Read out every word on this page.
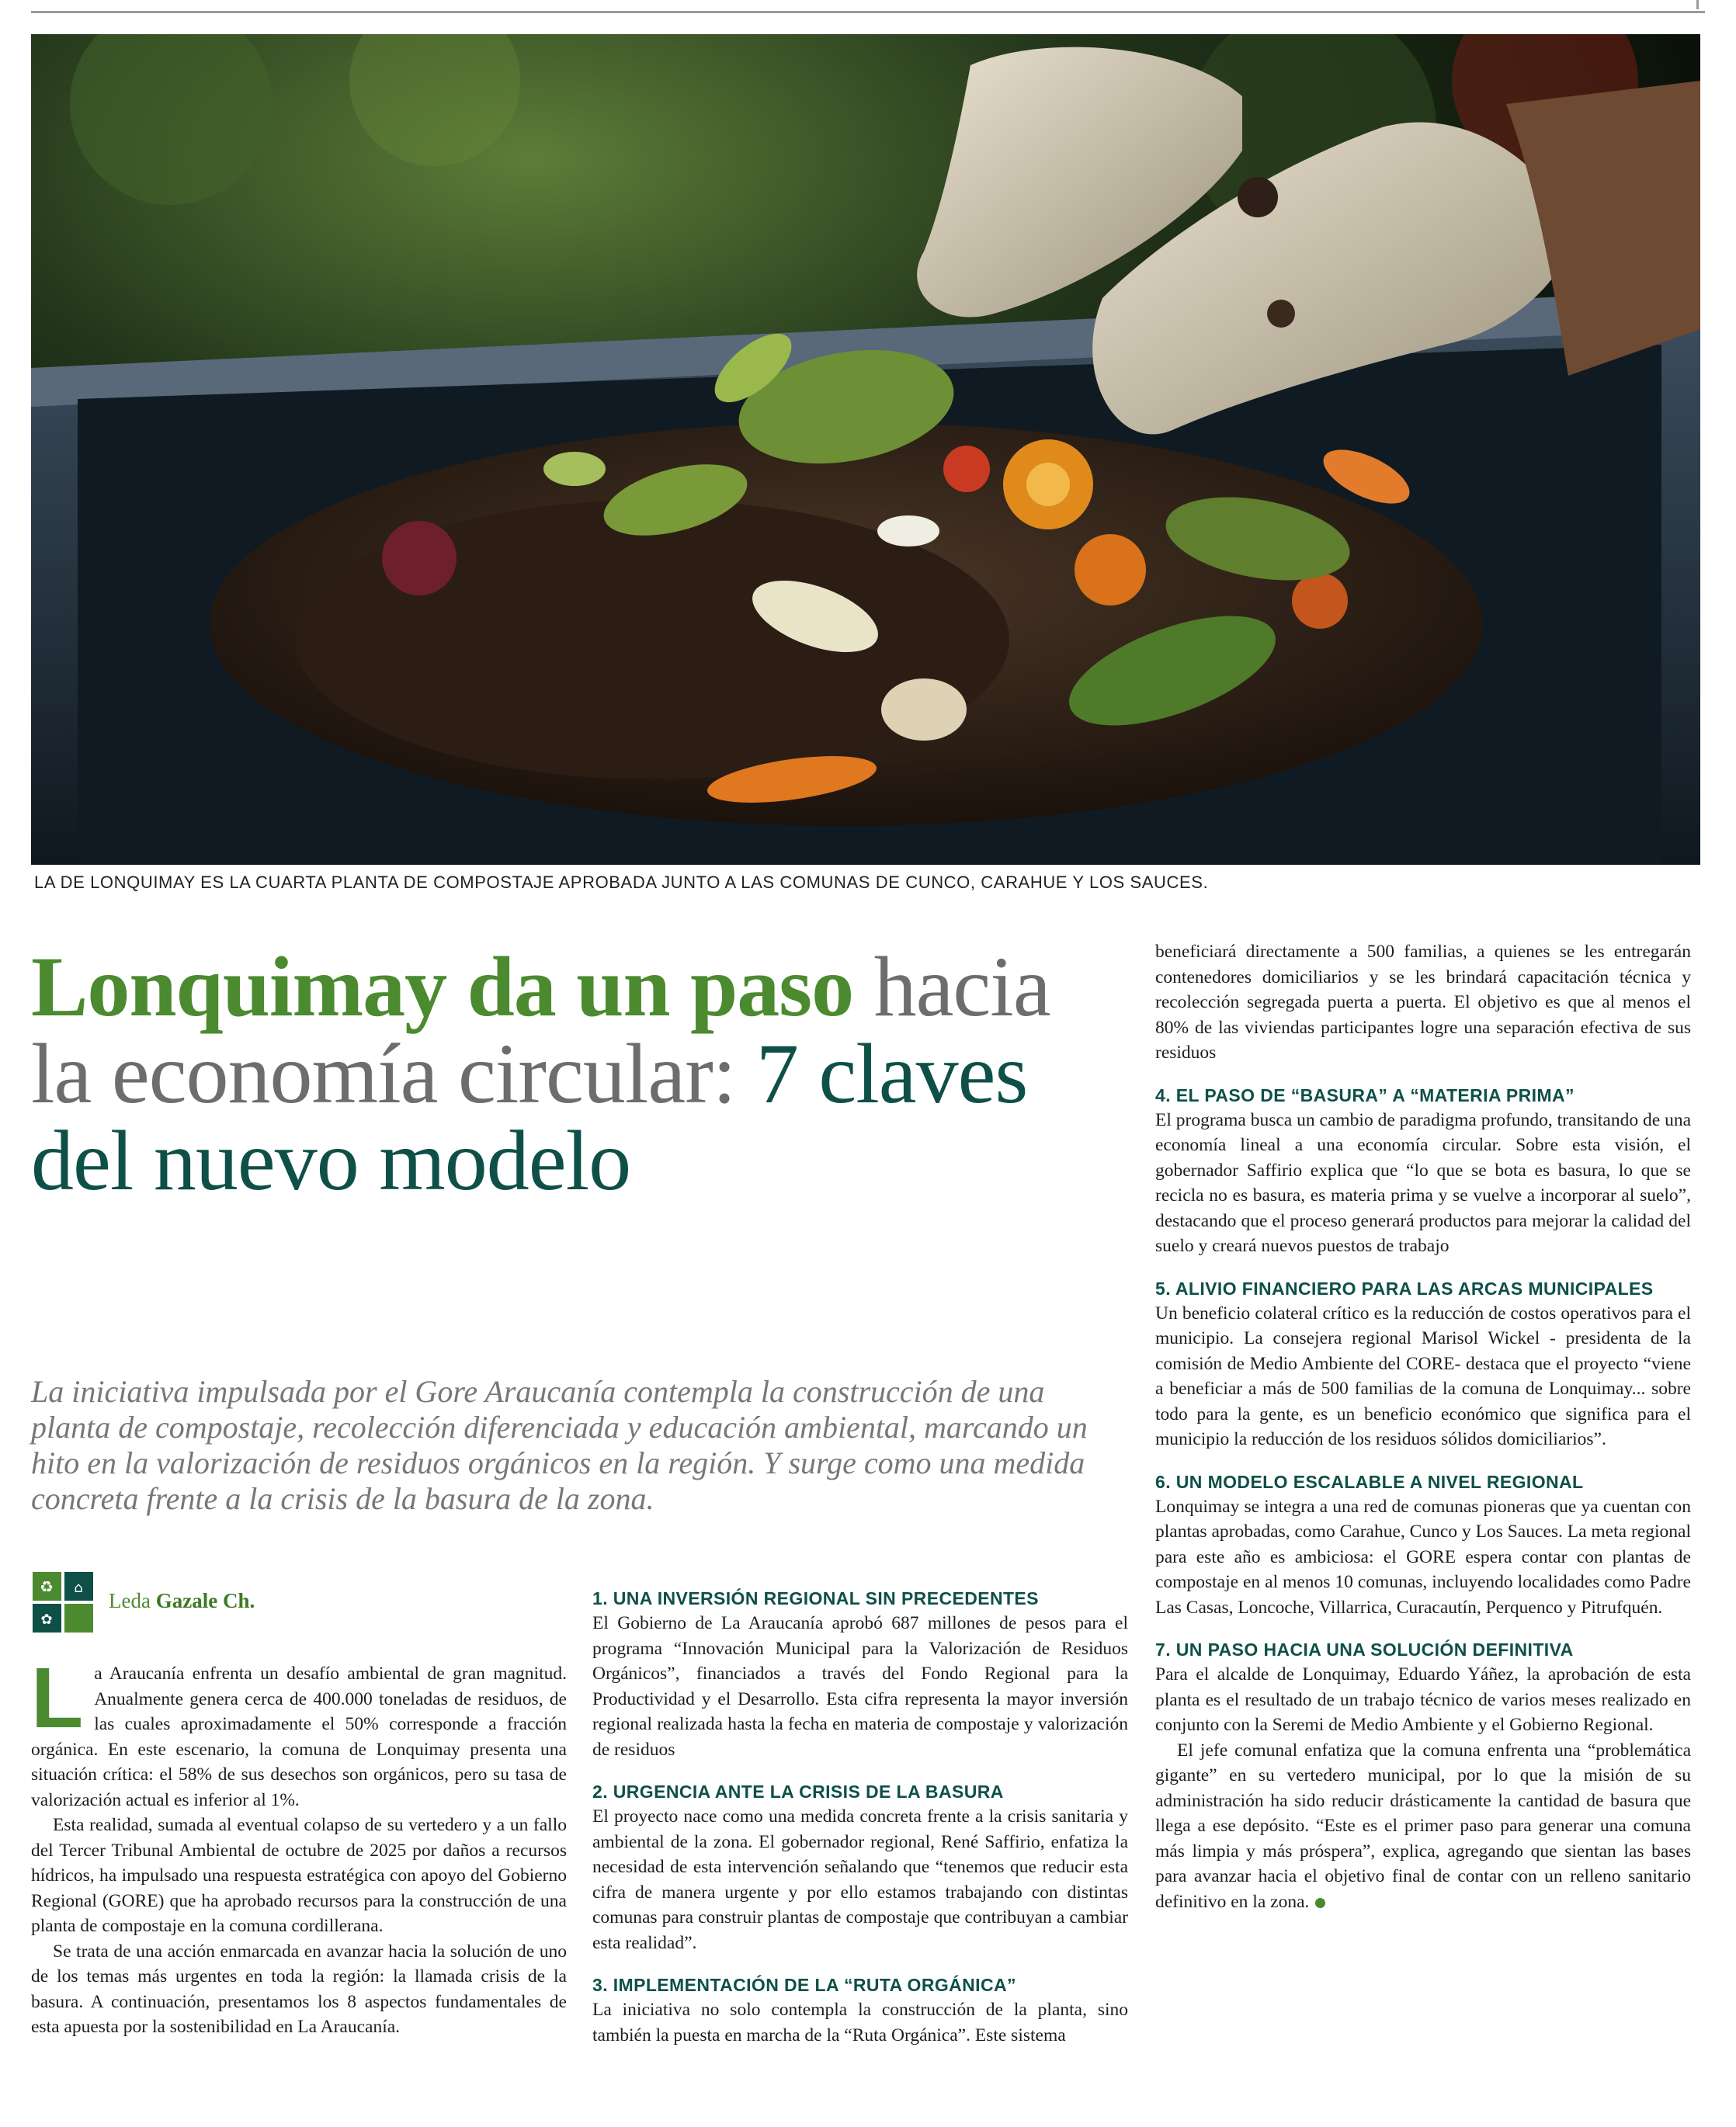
LA DE LONQUIMAY ES LA CUARTA PLANTA DE COMPOSTAJE APROBADA JUNTO A LAS COMUNAS DE CUNCO, CARAHUE Y LOS SAUCES.
Lonquimay da un paso hacia la economía circular: 7 claves del nuevo modelo
La iniciativa impulsada por el Gore Araucanía contempla la construcción de una planta de compostaje, recolección diferenciada y educación ambiental, marcando un hito en la valorización de residuos orgánicos en la región. Y surge como una medida concreta frente a la crisis de la basura de la zona.
♻ ⌂
✿
Leda Gazale Ch.

La Araucanía enfrenta un desafío ambiental de gran magnitud. Anualmente genera cerca de 400.000 toneladas de residuos, de las cuales aproximadamente el 50% corresponde a fracción orgánica. En este escenario, la comuna de Lonquimay presenta una situación crítica: el 58% de sus desechos son orgánicos, pero su tasa de valorización actual es inferior al 1%.

Esta realidad, sumada al eventual colapso de su vertedero y a un fallo del Tercer Tribunal Ambiental de octubre de 2025 por daños a recursos hídricos, ha impulsado una respuesta estratégica con apoyo del Gobierno Regional (GORE) que ha aprobado recursos para la construcción de una planta de compostaje en la comuna cordillerana.

Se trata de una acción enmarcada en avanzar hacia la solución de uno de los temas más urgentes en toda la región: la llamada crisis de la basura. A continuación, presentamos los 8 aspectos fundamentales de esta apuesta por la sostenibilidad en La Araucanía.

1. UNA INVERSIÓN REGIONAL SIN PRECEDENTES

El Gobierno de La Araucanía aprobó 687 millones de pesos para el programa “Innovación Municipal para la Valorización de Residuos Orgánicos”, financiados a través del Fondo Regional para la Productividad y el Desarrollo. Esta cifra representa la mayor inversión regional realizada hasta la fecha en materia de compostaje y valorización de residuos

2. URGENCIA ANTE LA CRISIS DE LA BASURA

El proyecto nace como una medida concreta frente a la crisis sanitaria y ambiental de la zona. El gobernador regional, René Saffirio, enfatiza la necesidad de esta intervención señalando que “tenemos que reducir esta cifra de manera urgente y por ello estamos trabajando con distintas comunas para construir plantas de compostaje que contribuyan a cambiar esta realidad”.

3. IMPLEMENTACIÓN DE LA “RUTA ORGÁNICA”

La iniciativa no solo contempla la construcción de la planta, sino también la puesta en marcha de la “Ruta Orgánica”. Este sistema

beneficiará directamente a 500 familias, a quienes se les entregarán contenedores domiciliarios y se les brindará capacitación técnica y recolección segregada puerta a puerta. El objetivo es que al menos el 80% de las viviendas participantes logre una separación efectiva de sus residuos

4. EL PASO DE “BASURA” A “MATERIA PRIMA”

El programa busca un cambio de paradigma profundo, transitando de una economía lineal a una economía circular. Sobre esta visión, el gobernador Saffirio explica que “lo que se bota es basura, lo que se recicla no es basura, es materia prima y se vuelve a incorporar al suelo”, destacando que el proceso generará productos para mejorar la calidad del suelo y creará nuevos puestos de trabajo

5. ALIVIO FINANCIERO PARA LAS ARCAS MUNICIPALES

Un beneficio colateral crítico es la reducción de costos operativos para el municipio. La consejera regional Marisol Wickel - presidenta de la comisión de Medio Ambiente del CORE- destaca que el proyecto “viene a beneficiar a más de 500 familias de la comuna de Lonquimay... sobre todo para la gente, es un beneficio económico que significa para el municipio la reducción de los residuos sólidos domiciliarios”.

6. UN MODELO ESCALABLE A NIVEL REGIONAL

Lonquimay se integra a una red de comunas pioneras que ya cuentan con plantas aprobadas, como Carahue, Cunco y Los Sauces. La meta regional para este año es ambiciosa: el GORE espera contar con plantas de compostaje en al menos 10 comunas, incluyendo localidades como Padre Las Casas, Loncoche, Villarrica, Curacautín, Perquenco y Pitrufquén.

7. UN PASO HACIA UNA SOLUCIÓN DEFINITIVA

Para el alcalde de Lonquimay, Eduardo Yáñez, la aprobación de esta planta es el resultado de un trabajo técnico de varios meses realizado en conjunto con la Seremi de Medio Ambiente y el Gobierno Regional.

El jefe comunal enfatiza que la comuna enfrenta una “problemática gigante” en su vertedero municipal, por lo que la misión de su administración ha sido reducir drásticamente la cantidad de basura que llega a ese depósito. “Este es el primer paso para generar una comuna más limpia y más próspera”, explica, agregando que sientan las bases para avanzar hacia el objetivo final de contar con un relleno sanitario definitivo en la zona.
